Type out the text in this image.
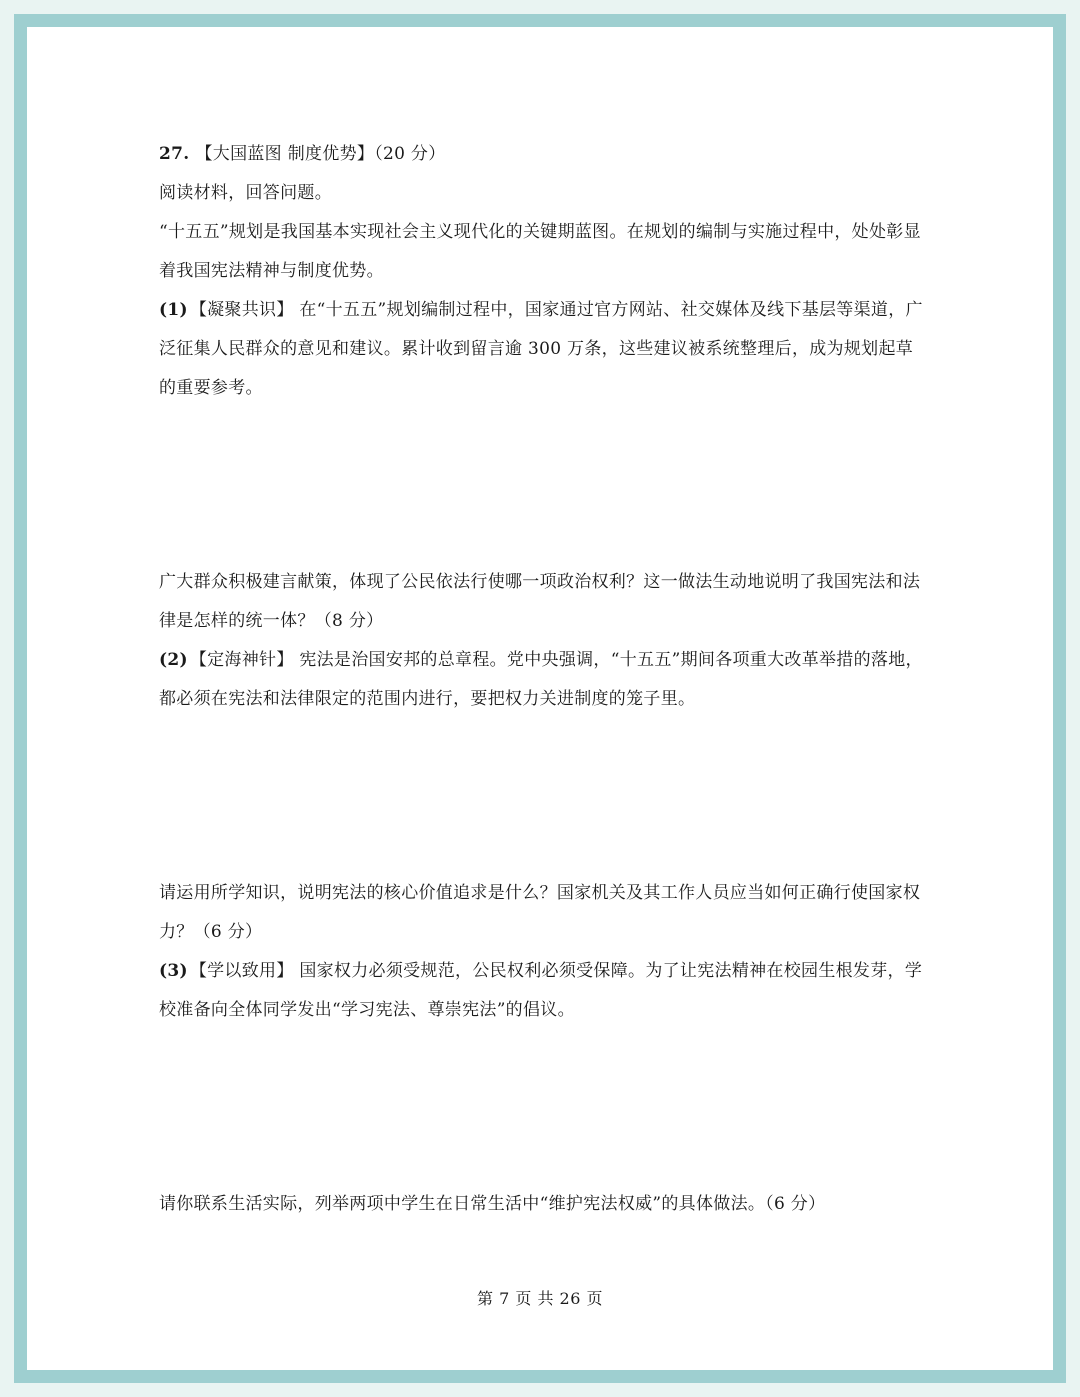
27. 【大国蓝图 制度优势】（20 分）

阅读材料，回答问题。

“十五五”规划是我国基本实现社会主义现代化的关键期蓝图。在规划的编制与实施过程中，处处彰显着我国宪法精神与制度优势。

(1) 【凝聚共识】 在“十五五”规划编制过程中，国家通过官方网站、社交媒体及线下基层等渠道，广泛征集人民群众的意见和建议。累计收到留言逾 300 万条，这些建议被系统整理后，成为规划起草的重要参考。

广大群众积极建言献策，体现了公民依法行使哪一项政治权利？这一做法生动地说明了我国宪法和法律是怎样的统一体？（8 分）

(2) 【定海神针】 宪法是治国安邦的总章程。党中央强调，“十五五”期间各项重大改革举措的落地，都必须在宪法和法律限定的范围内进行，要把权力关进制度的笼子里。

请运用所学知识，说明宪法的核心价值追求是什么？国家机关及其工作人员应当如何正确行使国家权力？（6 分）

(3) 【学以致用】 国家权力必须受规范，公民权利必须受保障。为了让宪法精神在校园生根发芽，学校准备向全体同学发出“学习宪法、尊崇宪法”的倡议。

请你联系生活实际，列举两项中学生在日常生活中“维护宪法权威”的具体做法。（6 分）

第 7 页 共 26 页
